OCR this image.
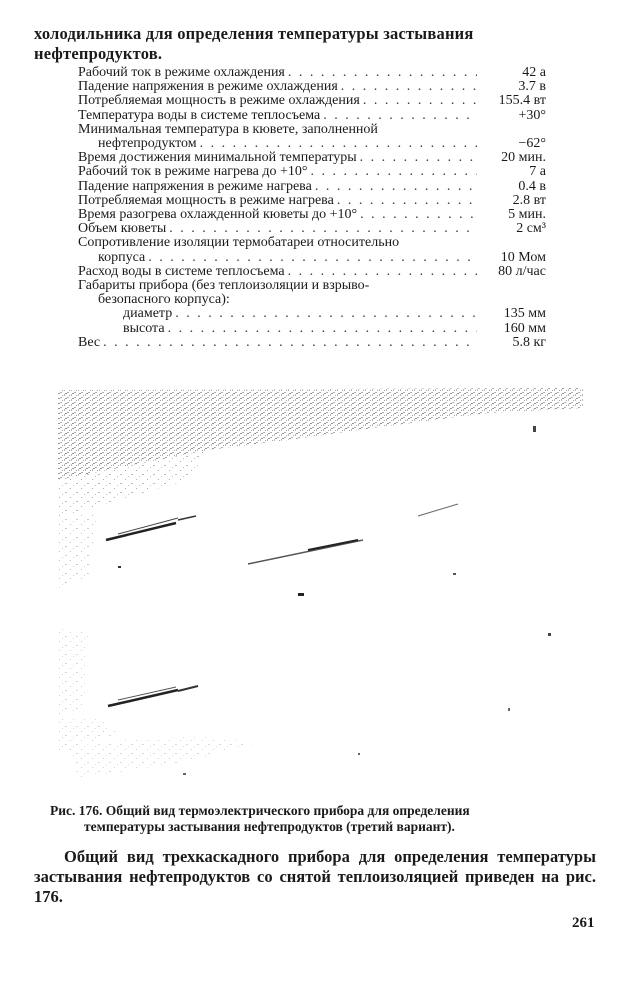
холодильника для определения температуры застывания нефтепродуктов.
Рабочий ток в режиме охлаждения . . .	42 а
Падение напряжения в режиме охлаждения . . .	3.7 в
Потребляемая мощность в режиме охлаждения . . .	155.4 вт
Температура воды в системе теплосъема . . .	+30°
Минимальная температура в кювете, заполненной
нефтепродуктом . . .	−62°
Время достижения минимальной температуры . . .	20 мин.
Рабочий ток в режиме нагрева до +10° . . .	7 а
Падение напряжения в режиме нагрева . . .	0.4 в
Потребляемая мощность в режиме нагрева . . .	2.8 вт
Время разогрева охлажденной кюветы до +10° . . .	5 мин.
Объем кюветы . . .	2 см³
Сопротивление изоляции термобатареи относительно
корпуса . . .	10 Мом
Расход воды в системе теплосъема . . .	80 л/час
Габариты прибора (без теплоизоляции и взрыво-
безопасного корпуса):
диаметр . . .	135 мм
высота . . .	160 мм
Вес . . .	5.8 кг
Рис. 176. Общий вид термоэлектрического прибора для определения
температуры застывания нефтепродуктов (третий вариант).
Общий вид трехкаскадного прибора для определения температуры застывания нефтепродуктов со снятой теплоизоляцией приведен на рис. 176.
261
